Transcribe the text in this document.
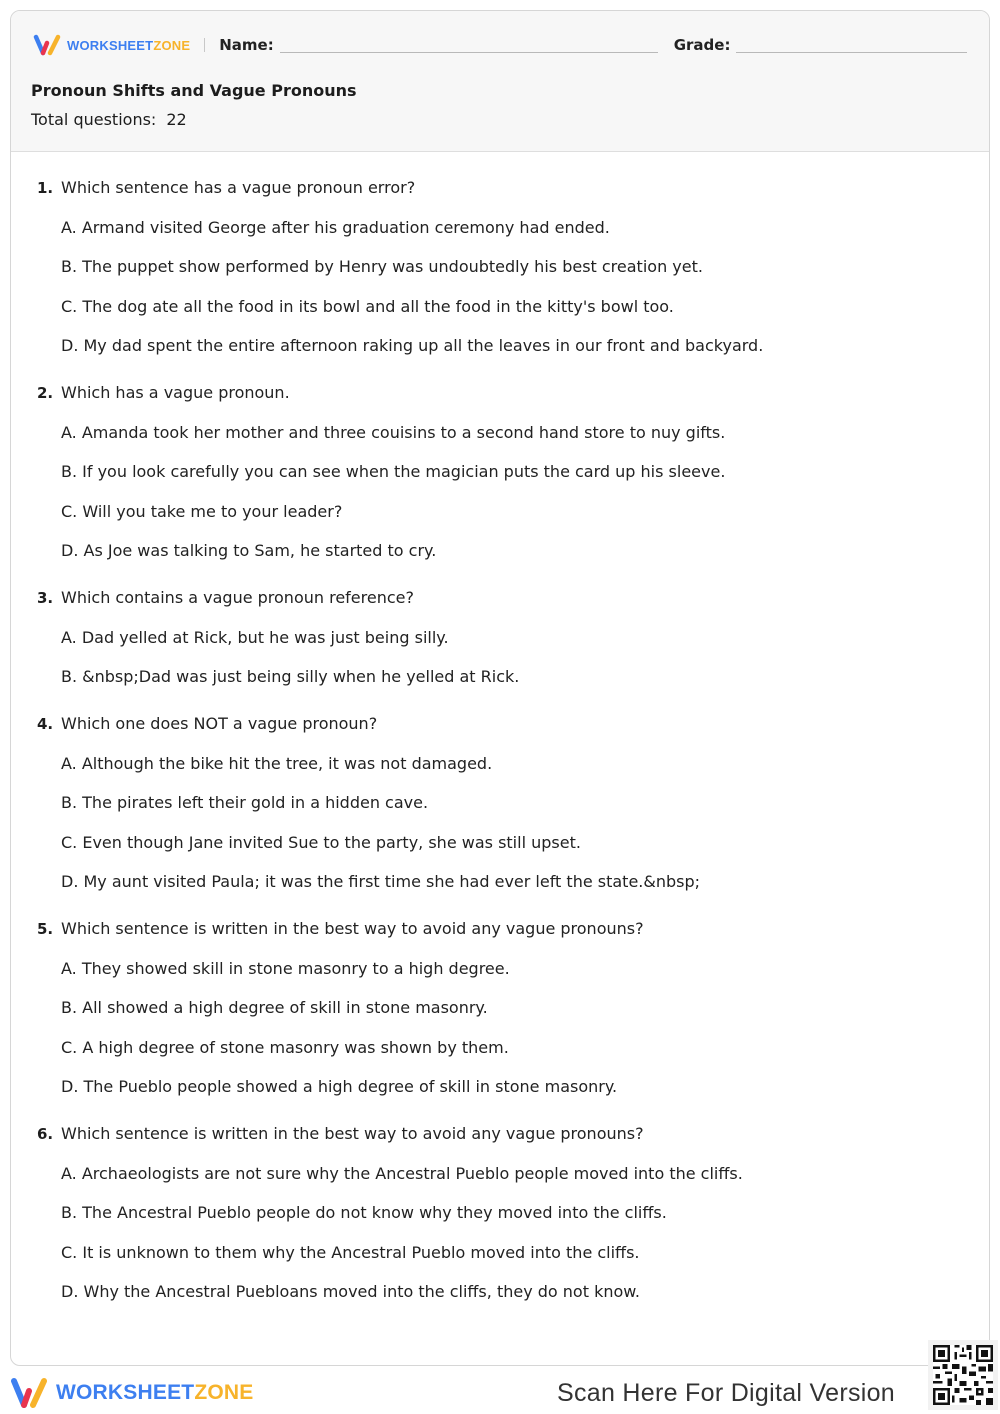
WORKSHEETZONE Name:	Grade:
Pronoun Shifts and Vague Pronouns
Total questions: 22
1. Which sentence has a vague pronoun error?
A. Armand visited George after his graduation ceremony had ended.
B. The puppet show performed by Henry was undoubtedly his best creation yet.
C. The dog ate all the food in its bowl and all the food in the kitty's bowl too.
D. My dad spent the entire afternoon raking up all the leaves in our front and backyard.
2. Which has a vague pronoun.
A. Amanda took her mother and three couisins to a second hand store to nuy gifts.
B. If you look carefully you can see when the magician puts the card up his sleeve.
C. Will you take me to your leader?
D. As Joe was talking to Sam, he started to cry.
3. Which contains a vague pronoun reference?
A. Dad yelled at Rick, but he was just being silly.
B. &nbsp;Dad was just being silly when he yelled at Rick.
4. Which one does NOT a vague pronoun?
A. Although the bike hit the tree, it was not damaged.
B. The pirates left their gold in a hidden cave.
C. Even though Jane invited Sue to the party, she was still upset.
D. My aunt visited Paula; it was the first time she had ever left the state.&nbsp;
5. Which sentence is written in the best way to avoid any vague pronouns?
A. They showed skill in stone masonry to a high degree.
B. All showed a high degree of skill in stone masonry.
C. A high degree of stone masonry was shown by them.
D. The Pueblo people showed a high degree of skill in stone masonry.
6. Which sentence is written in the best way to avoid any vague pronouns?
A. Archaeologists are not sure why the Ancestral Pueblo people moved into the cliffs.
B. The Ancestral Pueblo people do not know why they moved into the cliffs.
C. It is unknown to them why the Ancestral Pueblo moved into the cliffs.
D. Why the Ancestral Puebloans moved into the cliffs, they do not know.
WORKSHEETZONE	Scan Here For Digital Version
